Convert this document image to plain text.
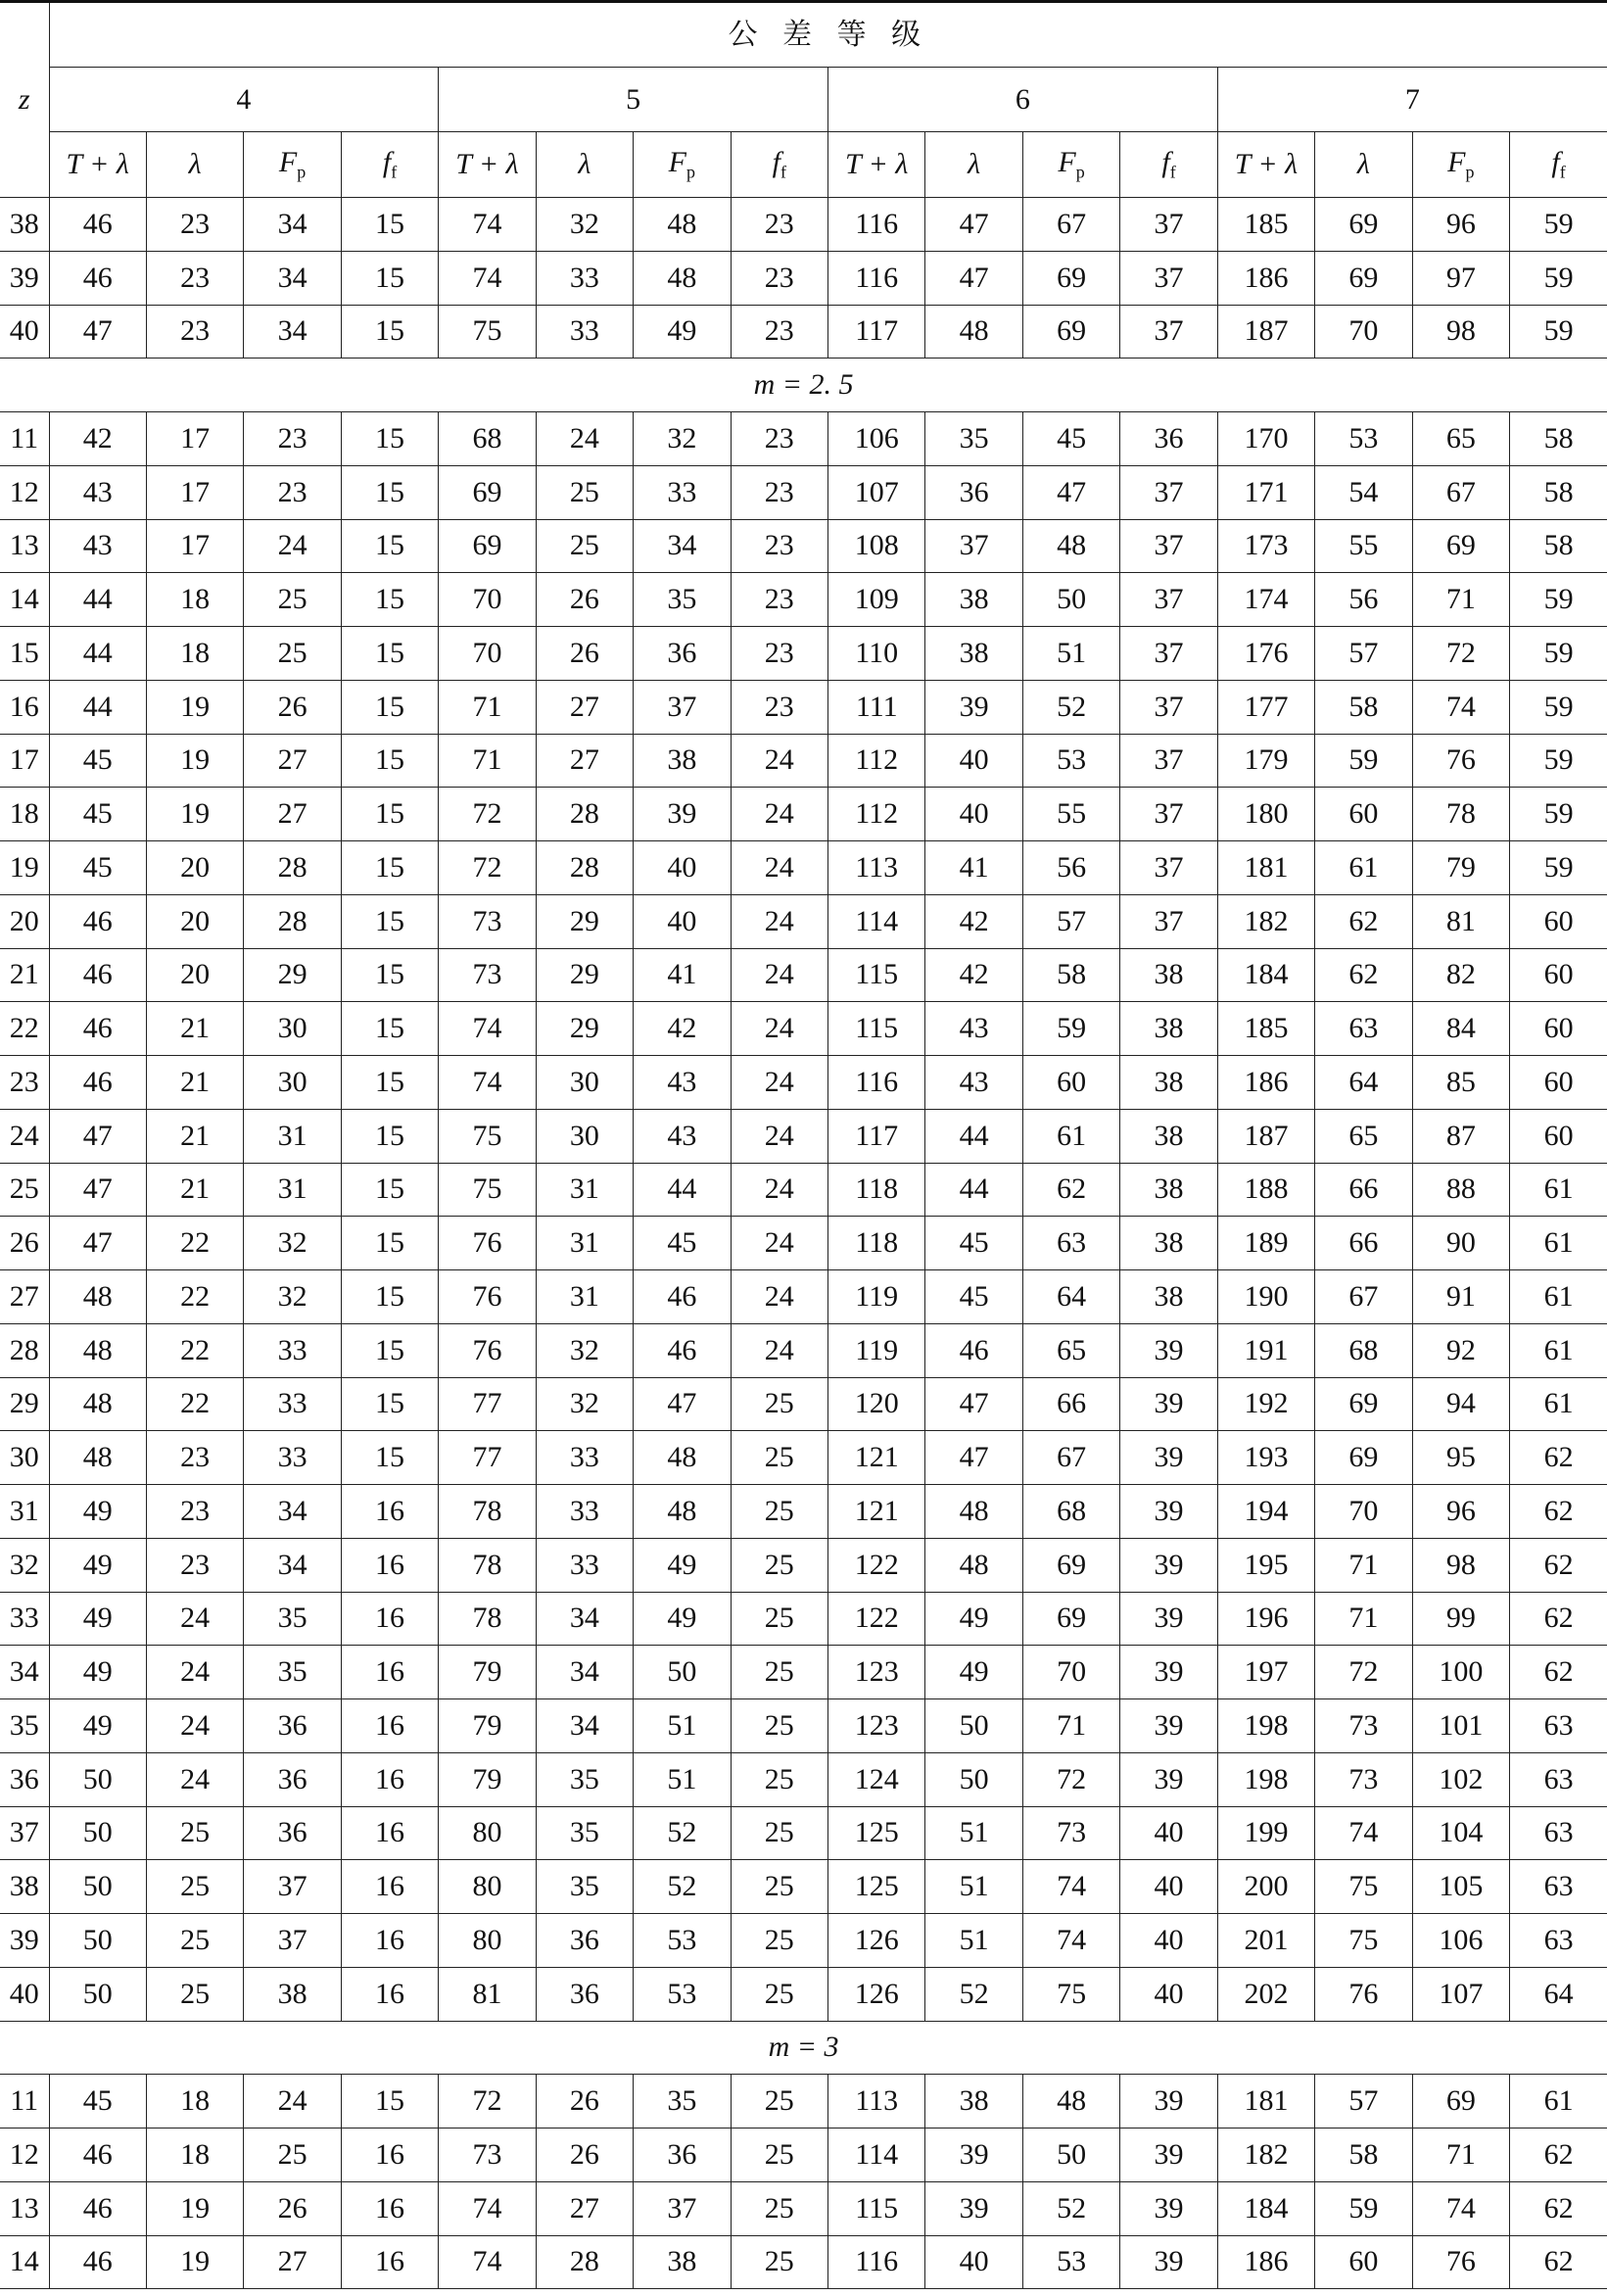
z	公 差 等 级															
	4				5				6				7			
	T + λ	λ	$F_p$	$f_f$	T + λ	λ	$F_p$	$f_f$	T + λ	λ	$F_p$	$f_f$	T + λ	λ	$F_p$	$f_f$
38	46	23	34	15	74	32	48	23	116	47	67	37	185	69	96	59
39	46	23	34	15	74	33	48	23	116	47	69	37	186	69	97	59
40	47	23	34	15	75	33	49	23	117	48	69	37	187	70	98	59
m = 2. 5																
11	42	17	23	15	68	24	32	23	106	35	45	36	170	53	65	58
12	43	17	23	15	69	25	33	23	107	36	47	37	171	54	67	58
13	43	17	24	15	69	25	34	23	108	37	48	37	173	55	69	58
14	44	18	25	15	70	26	35	23	109	38	50	37	174	56	71	59
15	44	18	25	15	70	26	36	23	110	38	51	37	176	57	72	59
16	44	19	26	15	71	27	37	23	111	39	52	37	177	58	74	59
17	45	19	27	15	71	27	38	24	112	40	53	37	179	59	76	59
18	45	19	27	15	72	28	39	24	112	40	55	37	180	60	78	59
19	45	20	28	15	72	28	40	24	113	41	56	37	181	61	79	59
20	46	20	28	15	73	29	40	24	114	42	57	37	182	62	81	60
21	46	20	29	15	73	29	41	24	115	42	58	38	184	62	82	60
22	46	21	30	15	74	29	42	24	115	43	59	38	185	63	84	60
23	46	21	30	15	74	30	43	24	116	43	60	38	186	64	85	60
24	47	21	31	15	75	30	43	24	117	44	61	38	187	65	87	60
25	47	21	31	15	75	31	44	24	118	44	62	38	188	66	88	61
26	47	22	32	15	76	31	45	24	118	45	63	38	189	66	90	61
27	48	22	32	15	76	31	46	24	119	45	64	38	190	67	91	61
28	48	22	33	15	76	32	46	24	119	46	65	39	191	68	92	61
29	48	22	33	15	77	32	47	25	120	47	66	39	192	69	94	61
30	48	23	33	15	77	33	48	25	121	47	67	39	193	69	95	62
31	49	23	34	16	78	33	48	25	121	48	68	39	194	70	96	62
32	49	23	34	16	78	33	49	25	122	48	69	39	195	71	98	62
33	49	24	35	16	78	34	49	25	122	49	69	39	196	71	99	62
34	49	24	35	16	79	34	50	25	123	49	70	39	197	72	100	62
35	49	24	36	16	79	34	51	25	123	50	71	39	198	73	101	63
36	50	24	36	16	79	35	51	25	124	50	72	39	198	73	102	63
37	50	25	36	16	80	35	52	25	125	51	73	40	199	74	104	63
38	50	25	37	16	80	35	52	25	125	51	74	40	200	75	105	63
39	50	25	37	16	80	36	53	25	126	51	74	40	201	75	106	63
40	50	25	38	16	81	36	53	25	126	52	75	40	202	76	107	64
m = 3																
11	45	18	24	15	72	26	35	25	113	38	48	39	181	57	69	61
12	46	18	25	16	73	26	36	25	114	39	50	39	182	58	71	62
13	46	19	26	16	74	27	37	25	115	39	52	39	184	59	74	62
14	46	19	27	16	74	28	38	25	116	40	53	39	186	60	76	62
